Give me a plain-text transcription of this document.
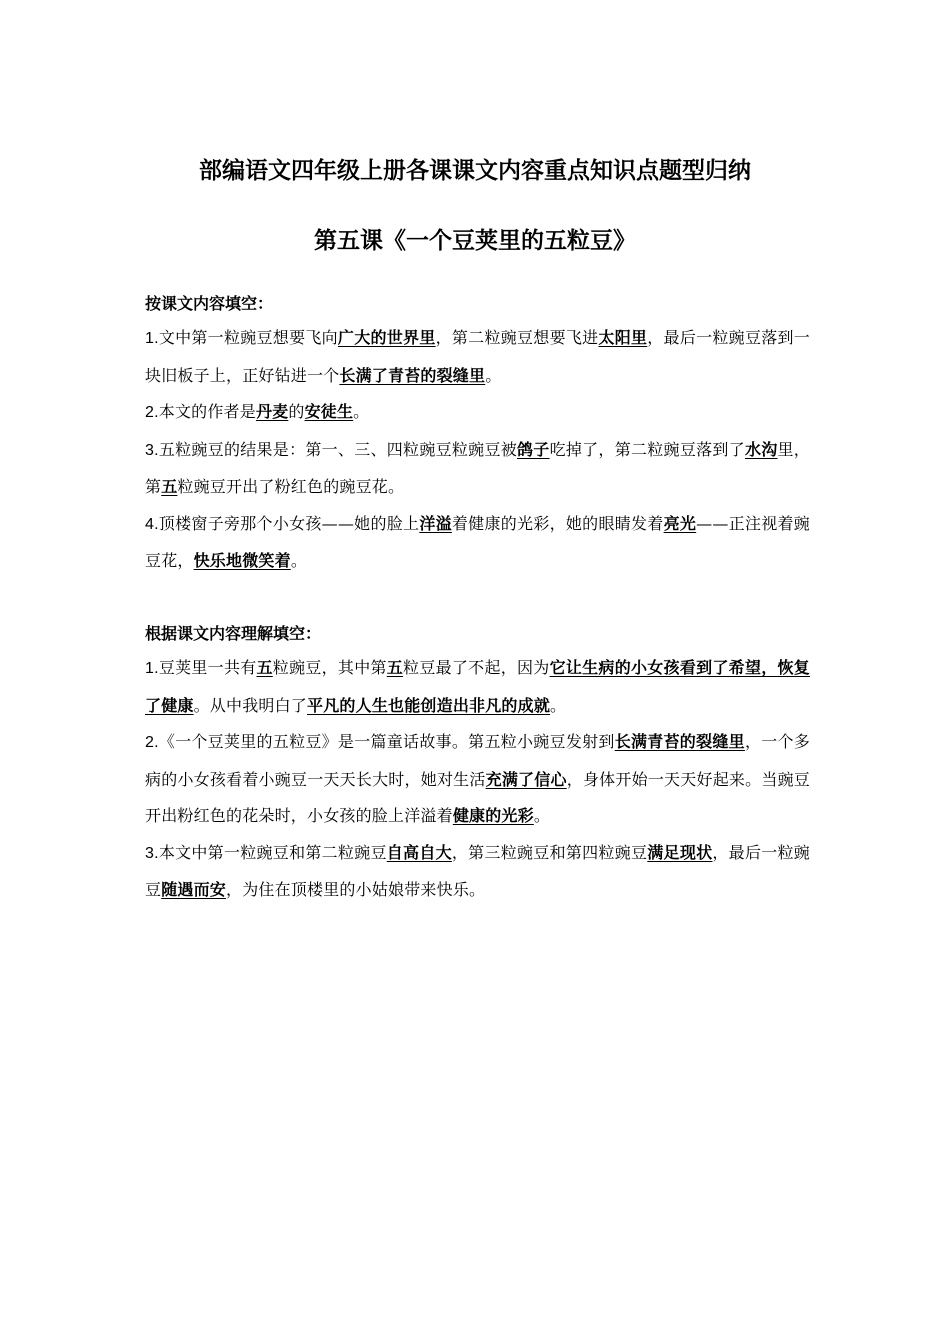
部编语文四年级上册各课课文内容重点知识点题型归纳
第五课《一个豆荚里的五粒豆》

按课文内容填空：

1.文中第一粒豌豆想要飞向广大的世界里，第二粒豌豆想要飞进太阳里，最后一粒豌豆落到一块旧板子上，正好钻进一个长满了青苔的裂缝里。

2.本文的作者是丹麦的安徒生。

3.五粒豌豆的结果是：第一、三、四粒豌豆粒豌豆被鸽子吃掉了，第二粒豌豆落到了水沟里，第五粒豌豆开出了粉红色的豌豆花。

4.顶楼窗子旁那个小女孩——她的脸上洋溢着健康的光彩，她的眼睛发着亮光——正注视着豌豆花，快乐地微笑着。

根据课文内容理解填空：

1.豆荚里一共有五粒豌豆，其中第五粒豆最了不起，因为它让生病的小女孩看到了希望，恢复了健康。从中我明白了平凡的人生也能创造出非凡的成就。

2.《一个豆荚里的五粒豆》是一篇童话故事。第五粒小豌豆发射到长满青苔的裂缝里，一个多病的小女孩看着小豌豆一天天长大时，她对生活充满了信心，身体开始一天天好起来。当豌豆开出粉红色的花朵时，小女孩的脸上洋溢着健康的光彩。

3.本文中第一粒豌豆和第二粒豌豆自高自大，第三粒豌豆和第四粒豌豆满足现状，最后一粒豌豆随遇而安，为住在顶楼里的小姑娘带来快乐。
